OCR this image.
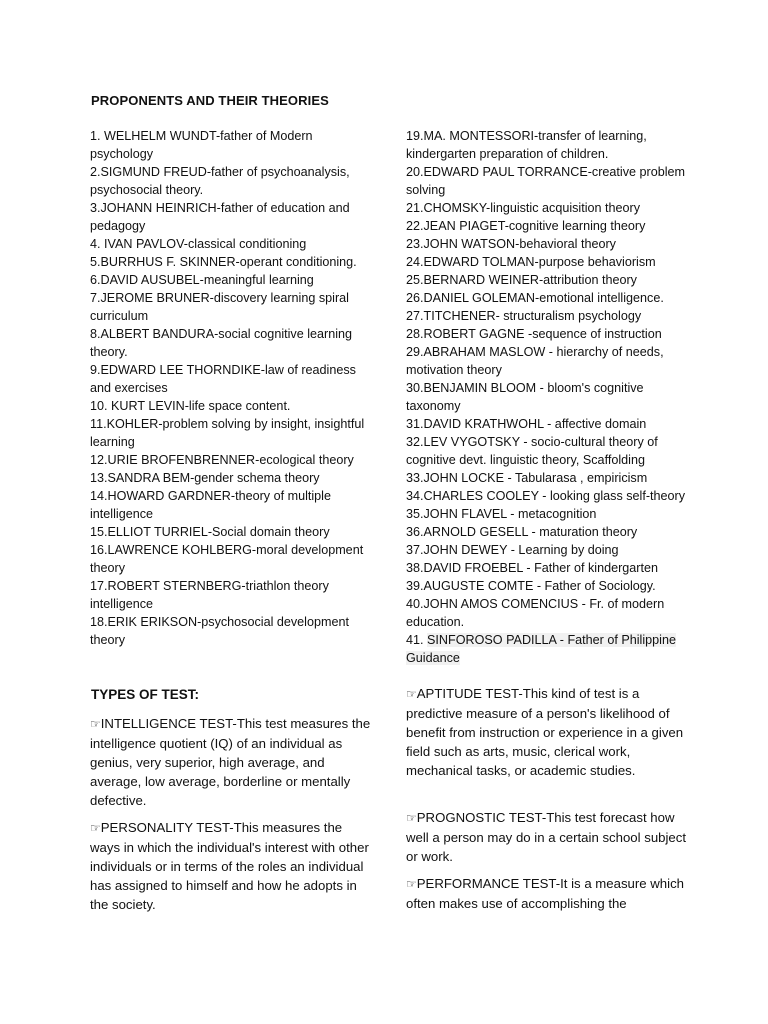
PROPONENTS AND THEIR THEORIES

1. WELHELM WUNDT-father of Modern psychology

2.SIGMUND FREUD-father of psychoanalysis, psychosocial theory.

3.JOHANN HEINRICH-father of education and pedagogy

4. IVAN PAVLOV-classical conditioning

5.BURRHUS F. SKINNER-operant conditioning.

6.DAVID AUSUBEL-meaningful learning

7.JEROME BRUNER-discovery learning spiral curriculum

8.ALBERT BANDURA-social cognitive learning theory.

9.EDWARD LEE THORNDIKE-law of readiness and exercises

10. KURT LEVIN-life space content.

11.KOHLER-problem solving by insight, insightful learning

12.URIE BROFENBRENNER-ecological theory

13.SANDRA BEM-gender schema theory

14.HOWARD GARDNER-theory of multiple intelligence

15.ELLIOT TURRIEL-Social domain theory

16.LAWRENCE KOHLBERG-moral development theory

17.ROBERT STERNBERG-triathlon theory intelligence

18.ERIK ERIKSON-psychosocial development theory

19.MA. MONTESSORI-transfer of learning, kindergarten preparation of children.

20.EDWARD PAUL TORRANCE-creative problem solving

21.CHOMSKY-linguistic acquisition theory

22.JEAN PIAGET-cognitive learning theory

23.JOHN WATSON-behavioral theory

24.EDWARD TOLMAN-purpose behaviorism

25.BERNARD WEINER-attribution theory

26.DANIEL GOLEMAN-emotional intelligence.

27.TITCHENER- structuralism psychology

28.ROBERT GAGNE -sequence of instruction

29.ABRAHAM MASLOW - hierarchy of needs, motivation theory

30.BENJAMIN BLOOM - bloom's cognitive taxonomy

31.DAVID KRATHWOHL - affective domain

32.LEV VYGOTSKY - socio-cultural theory of cognitive devt. linguistic theory, Scaffolding

33.JOHN LOCKE - Tabularasa , empiricism

34.CHARLES COOLEY - looking glass self-theory

35.JOHN FLAVEL - metacognition

36.ARNOLD GESELL - maturation theory

37.JOHN DEWEY - Learning by doing

38.DAVID FROEBEL - Father of kindergarten

39.AUGUSTE COMTE - Father of Sociology.

40.JOHN AMOS COMENCIUS - Fr. of modern education.

41. SINFOROSO PADILLA - Father of Philippine Guidance

TYPES OF TEST:

☞INTELLIGENCE TEST-This test measures the intelligence quotient (IQ) of an individual as genius, very superior, high average, and average, low average, borderline or mentally defective.

☞PERSONALITY TEST-This measures the ways in which the individual's interest with other individuals or in terms of the roles an individual has assigned to himself and how he adopts in the society.

☞APTITUDE TEST-This kind of test is a predictive measure of a person's likelihood of benefit from instruction or experience in a given field such as arts, music, clerical work, mechanical tasks, or academic studies.

☞PROGNOSTIC TEST-This test forecast how well a person may do in a certain school subject or work.

☞PERFORMANCE TEST-It is a measure which often makes use of accomplishing the
